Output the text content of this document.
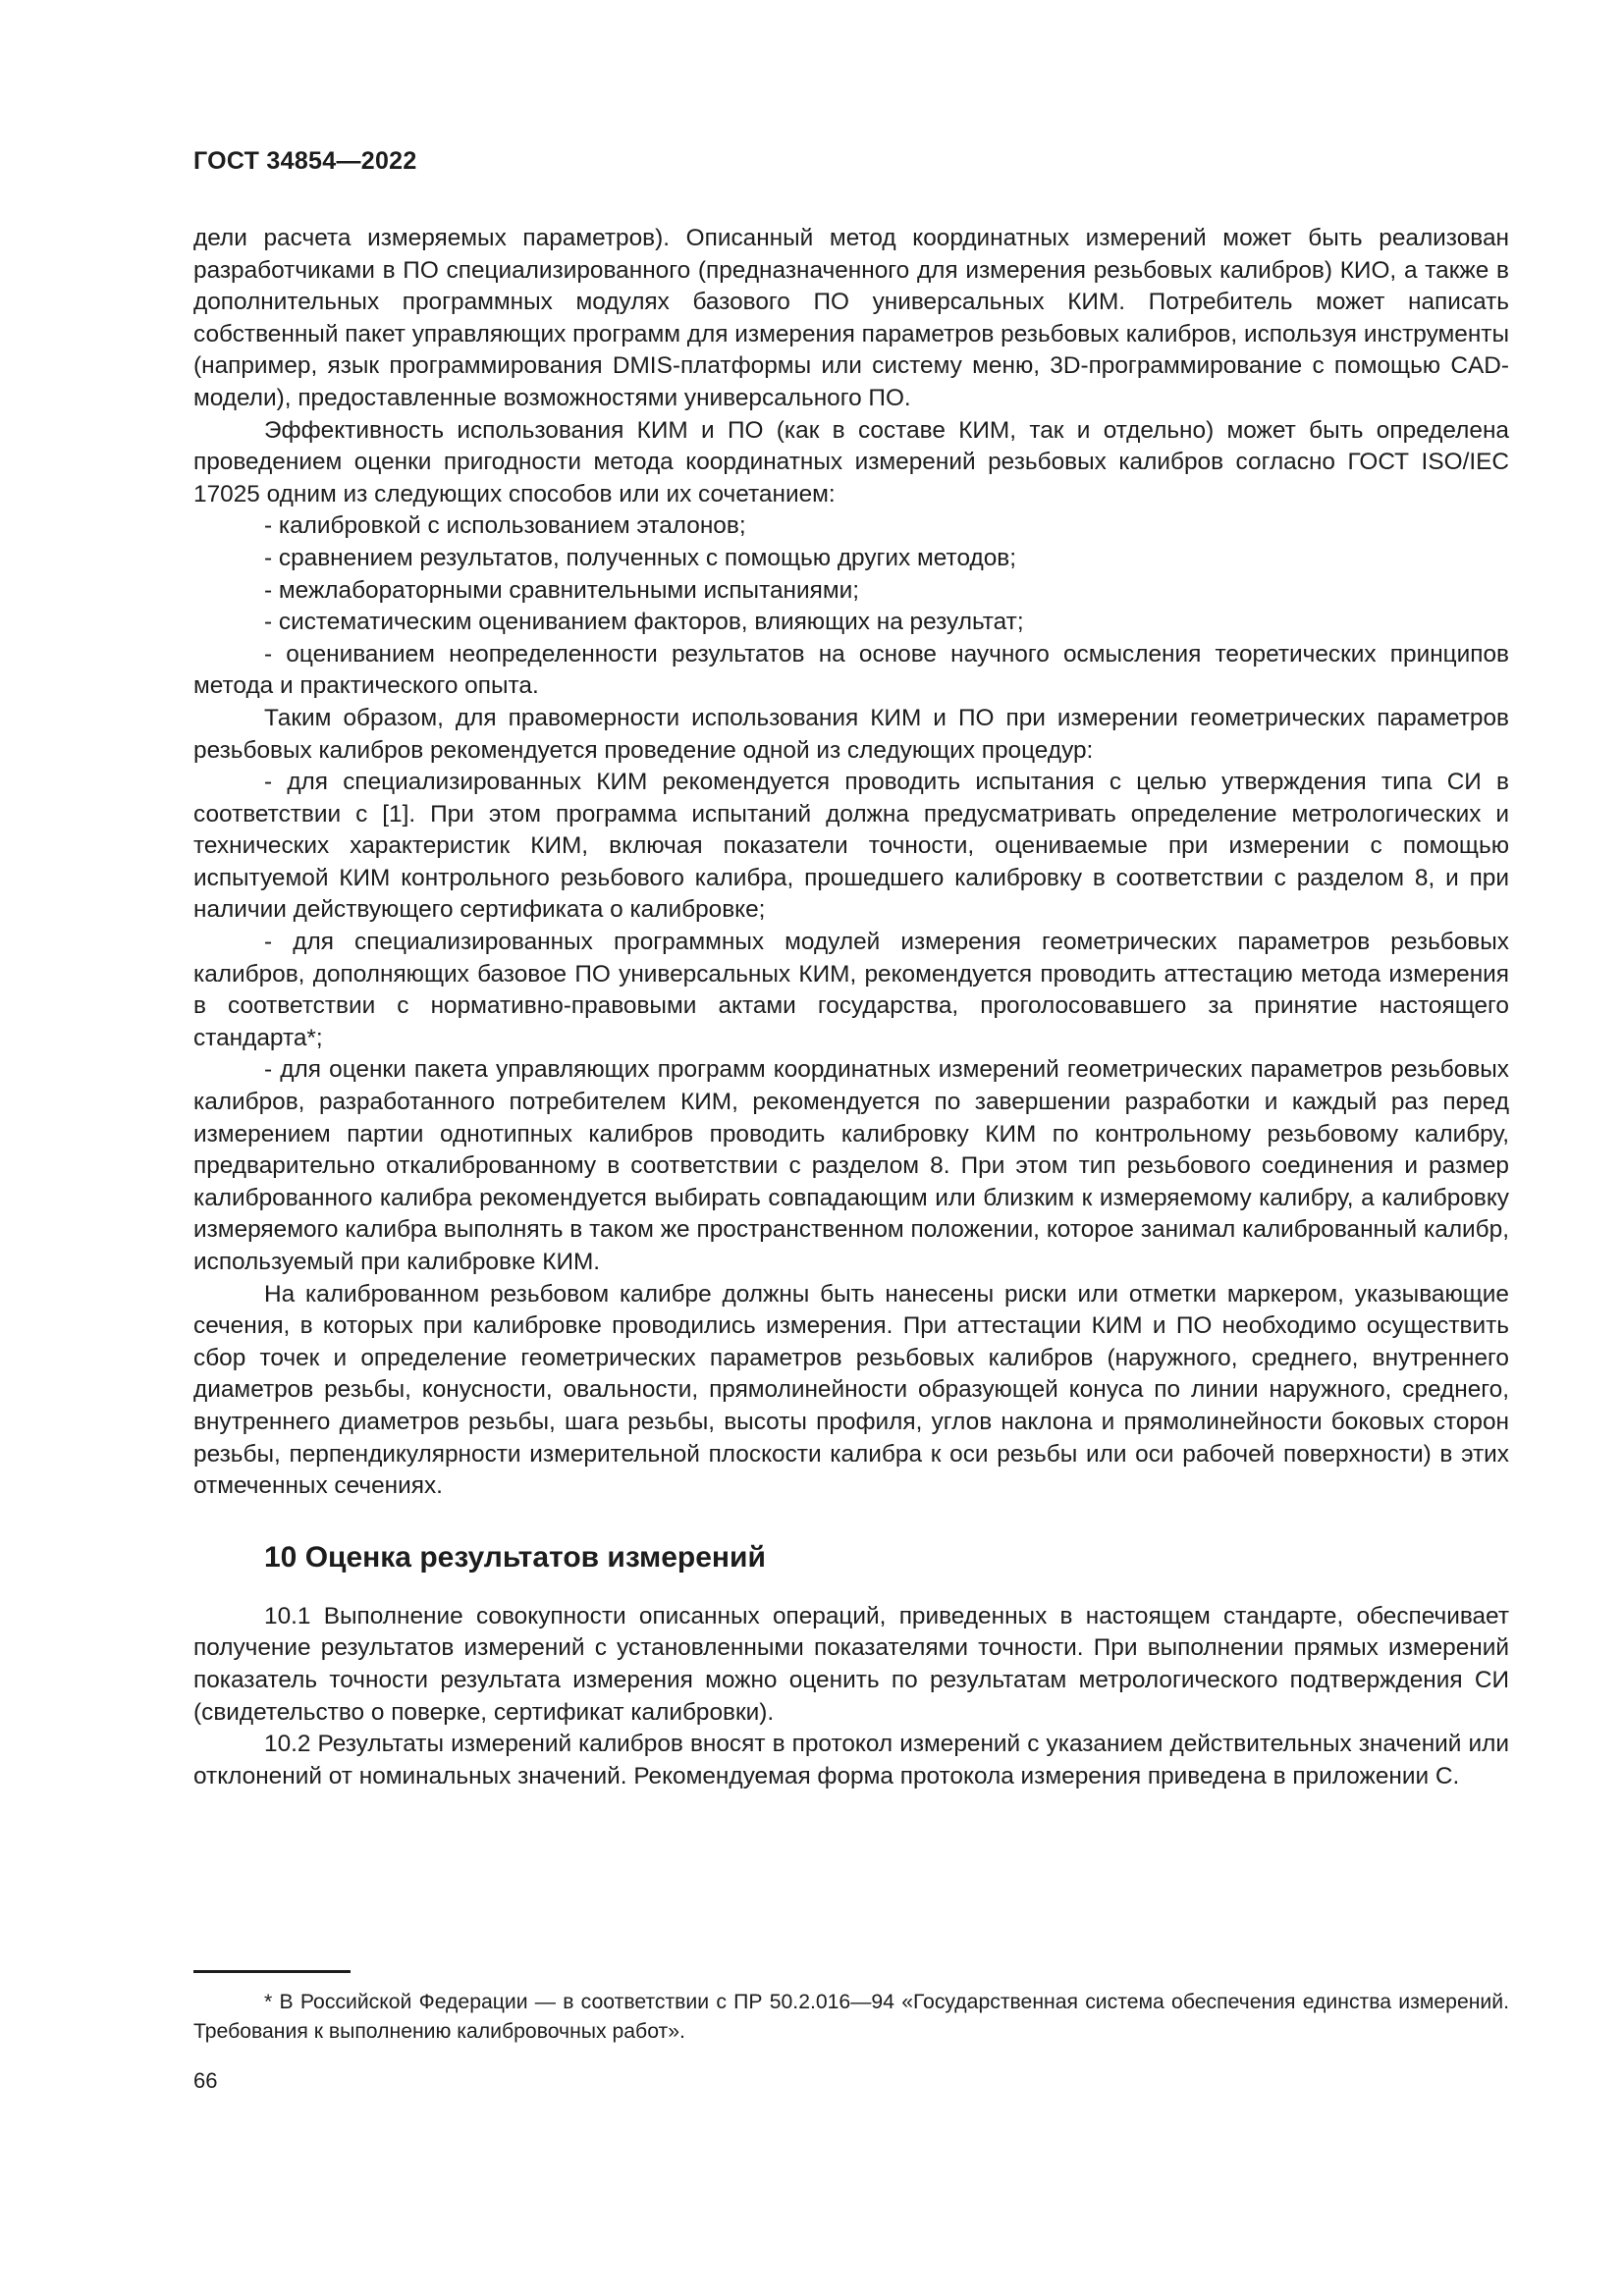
ГОСТ 34854—2022

дели расчета измеряемых параметров). Описанный метод координатных измерений может быть реализован разработчиками в ПО специализированного (предназначенного для измерения резьбовых калибров) КИО, а также в дополнительных программных модулях базового ПО универсальных КИМ. Потребитель может написать собственный пакет управляющих программ для измерения параметров резьбовых калибров, используя инструменты (например, язык программирования DMIS-платформы или систему меню, 3D-программирование с помощью CAD-модели), предоставленные возможностями универсального ПО.

Эффективность использования КИМ и ПО (как в составе КИМ, так и отдельно) может быть определена проведением оценки пригодности метода координатных измерений резьбовых калибров согласно ГОСТ ISO/IEC 17025 одним из следующих способов или их сочетанием:

- калибровкой с использованием эталонов;

- сравнением результатов, полученных с помощью других методов;

- межлабораторными сравнительными испытаниями;

- систематическим оцениванием факторов, влияющих на результат;

- оцениванием неопределенности результатов на основе научного осмысления теоретических принципов метода и практического опыта.

Таким образом, для правомерности использования КИМ и ПО при измерении геометрических параметров резьбовых калибров рекомендуется проведение одной из следующих процедур:

- для специализированных КИМ рекомендуется проводить испытания с целью утверждения типа СИ в соответствии с [1]. При этом программа испытаний должна предусматривать определение метрологических и технических характеристик КИМ, включая показатели точности, оцениваемые при измерении с помощью испытуемой КИМ контрольного резьбового калибра, прошедшего калибровку в соответствии с разделом 8, и при наличии действующего сертификата о калибровке;

- для специализированных программных модулей измерения геометрических параметров резьбовых калибров, дополняющих базовое ПО универсальных КИМ, рекомендуется проводить аттестацию метода измерения в соответствии с нормативно-правовыми актами государства, проголосовавшего за принятие настоящего стандарта*;

- для оценки пакета управляющих программ координатных измерений геометрических параметров резьбовых калибров, разработанного потребителем КИМ, рекомендуется по завершении разработки и каждый раз перед измерением партии однотипных калибров проводить калибровку КИМ по контрольному резьбовому калибру, предварительно откалиброванному в соответствии с разделом 8. При этом тип резьбового соединения и размер калиброванного калибра рекомендуется выбирать совпадающим или близким к измеряемому калибру, а калибровку измеряемого калибра выполнять в таком же пространственном положении, которое занимал калиброванный калибр, используемый при калибровке КИМ.

На калиброванном резьбовом калибре должны быть нанесены риски или отметки маркером, указывающие сечения, в которых при калибровке проводились измерения. При аттестации КИМ и ПО необходимо осуществить сбор точек и определение геометрических параметров резьбовых калибров (наружного, среднего, внутреннего диаметров резьбы, конусности, овальности, прямолинейности образующей конуса по линии наружного, среднего, внутреннего диаметров резьбы, шага резьбы, высоты профиля, углов наклона и прямолинейности боковых сторон резьбы, перпендикулярности измерительной плоскости калибра к оси резьбы или оси рабочей поверхности) в этих отмеченных сечениях.

10 Оценка результатов измерений

10.1 Выполнение совокупности описанных операций, приведенных в настоящем стандарте, обеспечивает получение результатов измерений с установленными показателями точности. При выполнении прямых измерений показатель точности результата измерения можно оценить по результатам метрологического подтверждения СИ (свидетельство о поверке, сертификат калибровки).

10.2 Результаты измерений калибров вносят в протокол измерений с указанием действительных значений или отклонений от номинальных значений. Рекомендуемая форма протокола измерения приведена в приложении С.

* В Российской Федерации — в соответствии с ПР 50.2.016—94 «Государственная система обеспечения единства измерений. Требования к выполнению калибровочных работ».
66
